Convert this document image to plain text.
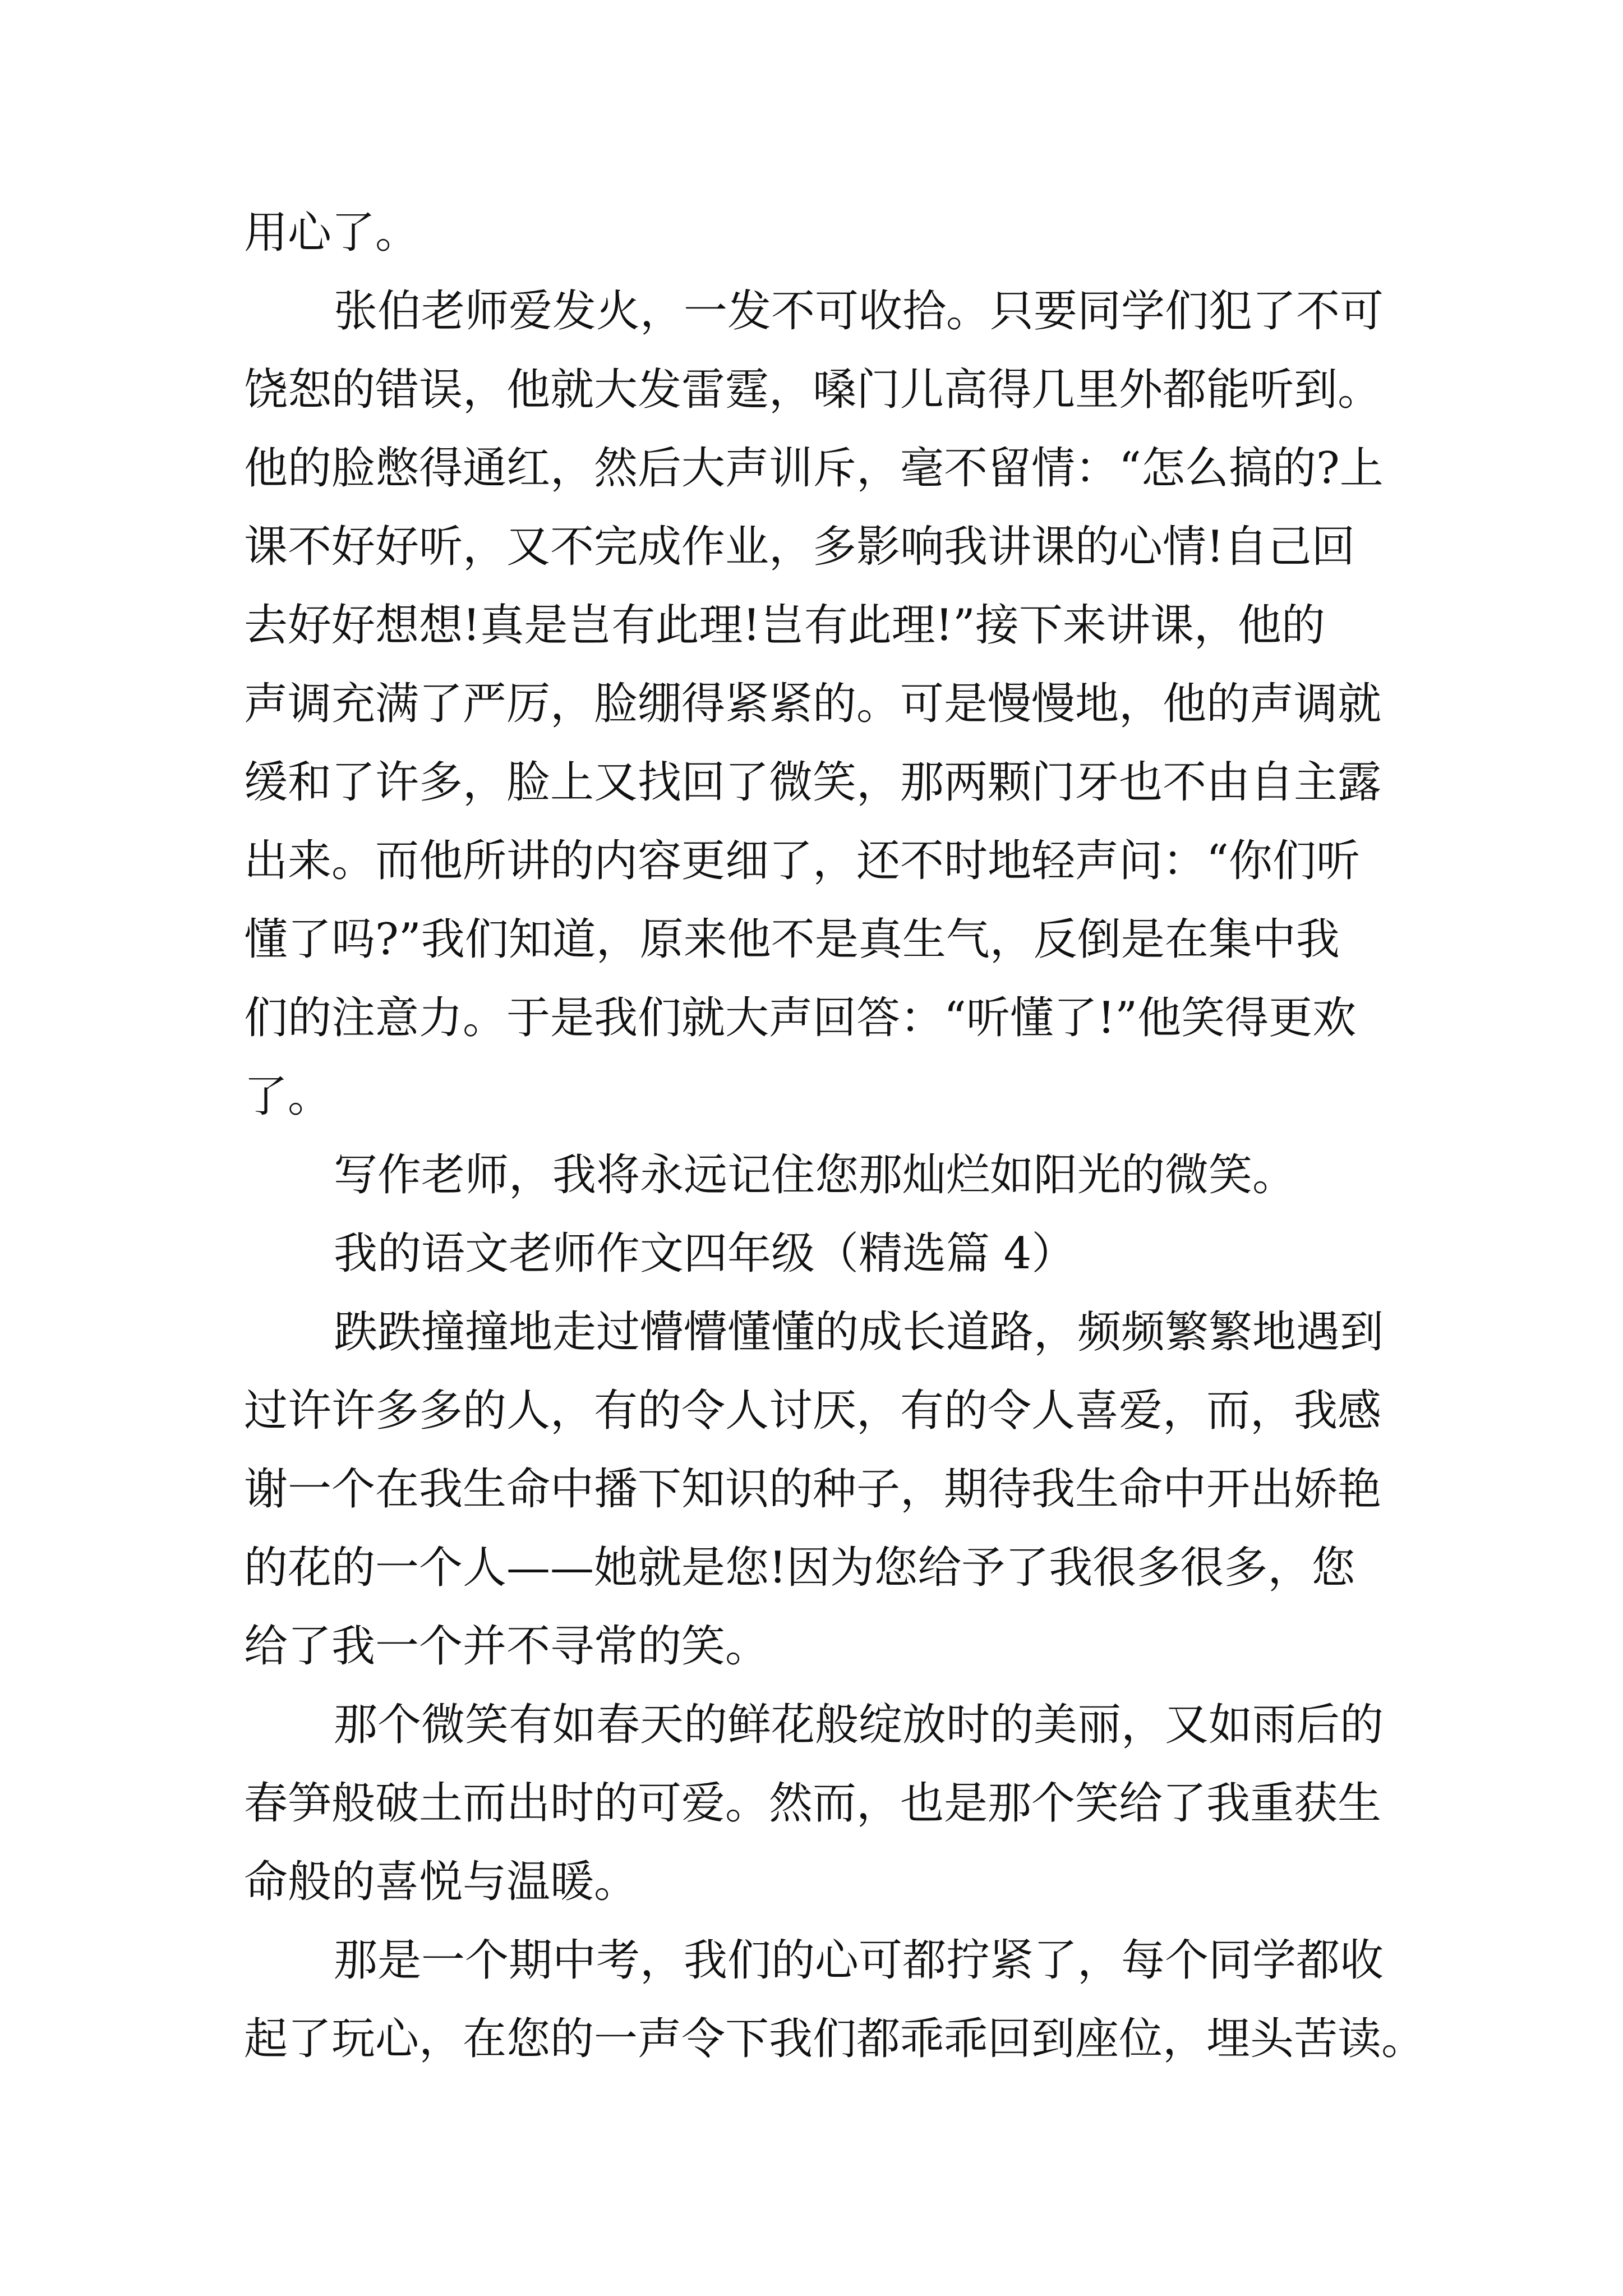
用心了。
张伯老师爱发火，一发不可收拾。只要同学们犯了不可
饶恕的错误，他就大发雷霆，嗓门儿高得几里外都能听到。
他的脸憋得通红，然后大声训斥，毫不留情：“怎么搞的?上
课不好好听，又不完成作业，多影响我讲课的心情!自己回
去好好想想!真是岂有此理!岂有此理!”接下来讲课，他的
声调充满了严厉，脸绷得紧紧的。可是慢慢地，他的声调就
缓和了许多，脸上又找回了微笑，那两颗门牙也不由自主露
出来。而他所讲的内容更细了，还不时地轻声问：“你们听
懂了吗?”我们知道，原来他不是真生气，反倒是在集中我
们的注意力。于是我们就大声回答：“听懂了!”他笑得更欢
了。
写作老师，我将永远记住您那灿烂如阳光的微笑。
我的语文老师作文四年级（精选篇 4）
跌跌撞撞地走过懵懵懂懂的成长道路，频频繁繁地遇到
过许许多多的人，有的令人讨厌，有的令人喜爱，而，我感
谢一个在我生命中播下知识的种子，期待我生命中开出娇艳
的花的一个人——她就是您!因为您给予了我很多很多，您
给了我一个并不寻常的笑。
那个微笑有如春天的鲜花般绽放时的美丽，又如雨后的
春笋般破土而出时的可爱。然而，也是那个笑给了我重获生
命般的喜悦与温暖。
那是一个期中考，我们的心可都拧紧了，每个同学都收
起了玩心，在您的一声令下我们都乖乖回到座位，埋头苦读。
